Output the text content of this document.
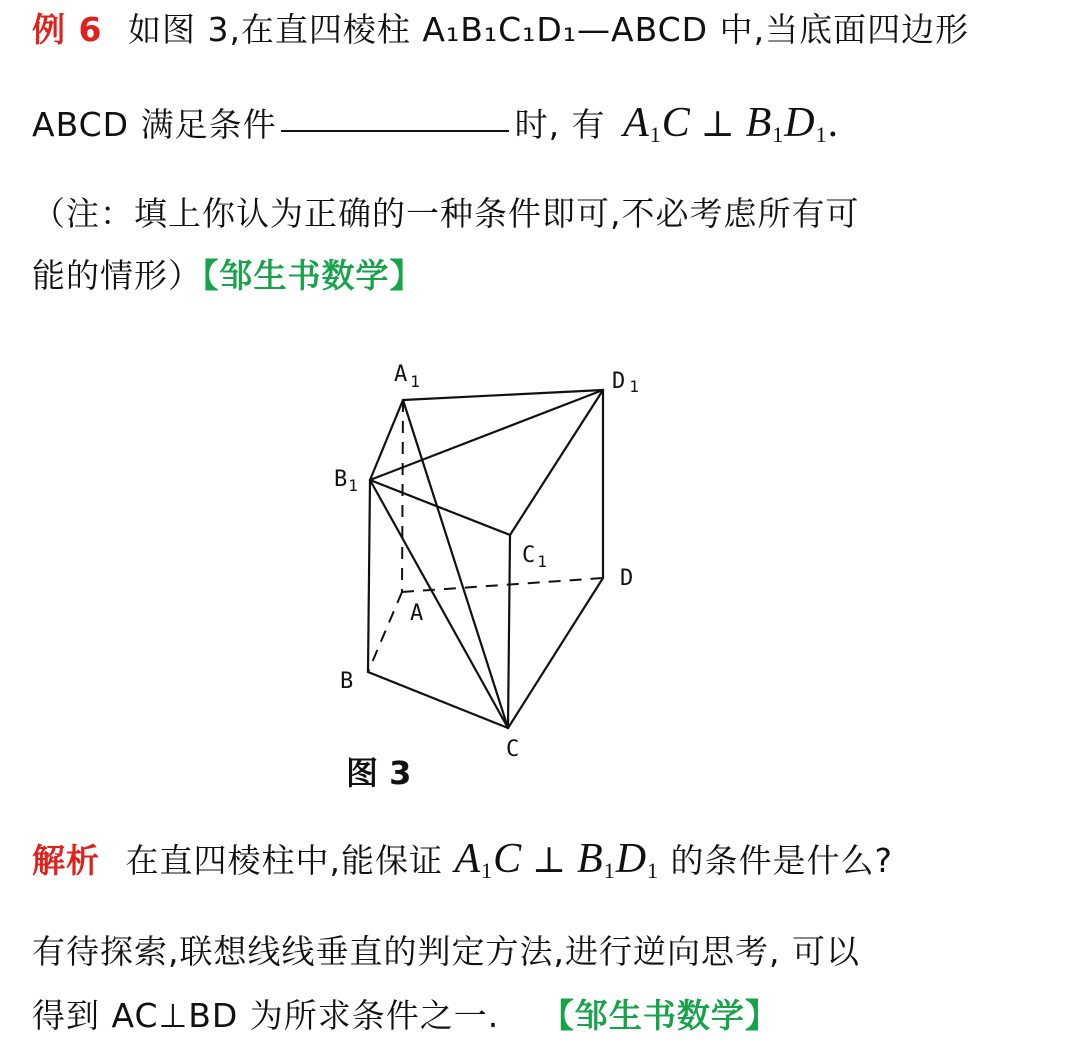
例 6 如图 3,在直四棱柱 A₁B₁C₁D₁—ABCD 中,当底面四边形
ABCD 满足条件	时, 有 $A_1C$ ⊥ $B_1D_1$.
（注：填上你认为正确的一种条件即可,不必考虑所有可
能的情形）【邹生书数学】
A $_1$	D 1
$B_1$
C $_1$
A
D
B
C
图 3
解析 在直四棱柱中,能保证 $A_1C$ ⊥ $B_1D_1$ 的条件是什么?
有待探索,联想线线垂直的判定方法,进行逆向思考, 可以
得到 AC⊥BD 为所求条件之一. 【邹生书数学】
